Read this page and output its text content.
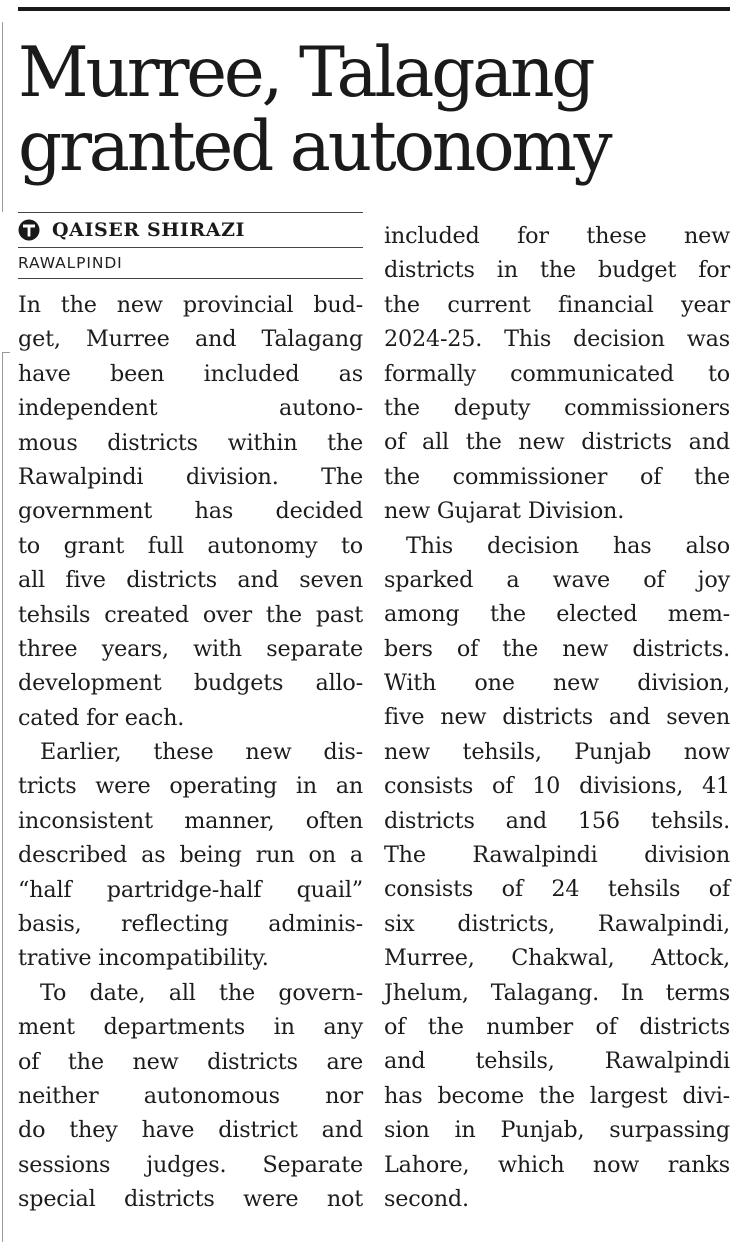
Murree, Talagang
granted autonomy
QAISER SHIRAZI
RAWALPINDI
In the new provincial bud-
get, Murree and Talagang
have been included as
independent autono-
mous districts within the
Rawalpindi division. The
government has decided
to grant full autonomy to
all five districts and seven
tehsils created over the past
three years, with separate
development budgets allo-
cated for each.
Earlier, these new dis-
tricts were operating in an
inconsistent manner, often
described as being run on a
“half partridge-half quail”
basis, reflecting adminis-
trative incompatibility.
To date, all the govern-
ment departments in any
of the new districts are
neither autonomous nor
do they have district and
sessions judges. Separate
special districts were not
included for these new
districts in the budget for
the current financial year
2024-25. This decision was
formally communicated to
the deputy commissioners
of all the new districts and
the commissioner of the
new Gujarat Division.
This decision has also
sparked a wave of joy
among the elected mem-
bers of the new districts.
With one new division,
five new districts and seven
new tehsils, Punjab now
consists of 10 divisions, 41
districts and 156 tehsils.
The Rawalpindi division
consists of 24 tehsils of
six districts, Rawalpindi,
Murree, Chakwal, Attock,
Jhelum, Talagang. In terms
of the number of districts
and tehsils, Rawalpindi
has become the largest divi-
sion in Punjab, surpassing
Lahore, which now ranks
second.
